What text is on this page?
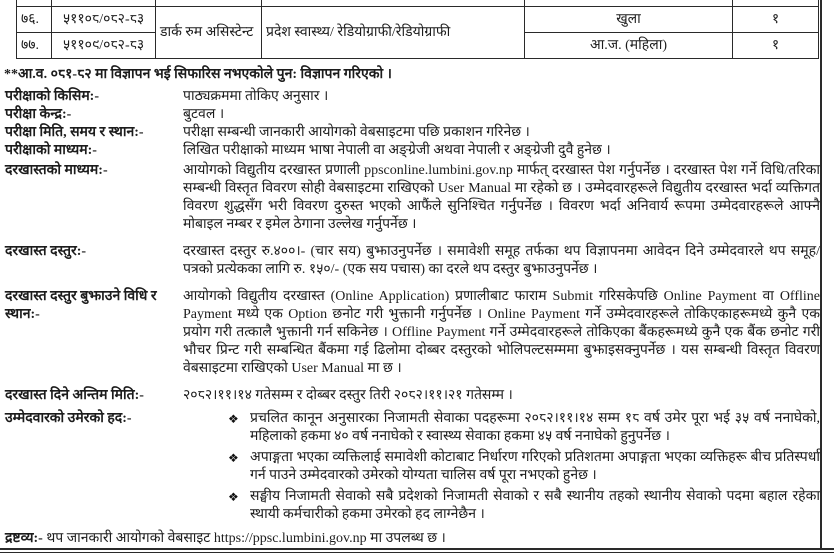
७६.	५११०८/०८२-८३	डार्क रुम असिस्टेन्ट	प्रदेश स्वास्थ्य/ रेडियोग्राफी/रेडियोग्राफी	खुला	१
७७.	५११०९/०८२-८३			आ.ज. (महिला)	१
**आ.व. ०८१-८२ मा विज्ञापन भई सिफारिस नभएकोले पुन: विज्ञापन गरिएको ।
परीक्षाको किसिम:-	पाठ्यक्रममा तोकिए अनुसार ।
परीक्षा केन्द्र:-	बुटवल ।
परीक्षा मिति, समय र स्थान:-	परीक्षा सम्बन्धी जानकारी आयोगको वेबसाइटमा पछि प्रकाशन गरिनेछ ।
परीक्षाको माध्यम:-	लिखित परीक्षाको माध्यम भाषा नेपाली वा अङ्ग्रेजी अथवा नेपाली र अङ्ग्रेजी दुवै हुनेछ ।
दरखास्तको माध्यम:-	आयोगको विद्युतीय दरखास्त प्रणाली ppsconline.lumbini.gov.np मार्फत् दरखास्त पेश गर्नुपर्नेछ । दरखास्त पेश गर्ने विधि/तरिका सम्बन्धी विस्तृत विवरण सोही वेबसाइटमा राखिएको User Manual मा रहेको छ । उम्मेदवारहरूले विद्युतीय दरखास्त भर्दा व्यक्तिगत विवरण शुद्धसँग भरी विवरण दुरुस्त भएको आफैंले सुनिश्चित गर्नुपर्नेछ । विवरण भर्दा अनिवार्य रूपमा उम्मेदवारहरूले आफ्नै मोबाइल नम्बर र इमेल ठेगाना उल्लेख गर्नुपर्नेछ ।
दरखास्त दस्तुर:-	दरखास्त दस्तुर रु.४००।- (चार सय) बुझाउनुपर्नेछ । समावेशी समूह तर्फका थप विज्ञापनमा आवेदन दिने उम्मेदवारले थप समूह/पत्रको प्रत्येकका लागि रु. १५०/- (एक सय पचास) का दरले थप दस्तुर बुझाउनुपर्नेछ ।
दरखास्त दस्तुर बुझाउने विधि र स्थान:-
आयोगको विद्युतीय दरखास्त (Online Application) प्रणालीबाट फाराम Submit गरिसकेपछि Online Payment वा Offline Payment मध्ये एक Option छनोट गरी भुक्तानी गर्नुपर्नेछ । Online Payment गर्ने उम्मेदवारहरूले तोकिएकाहरूमध्ये कुनै एक प्रयोग गरी तत्कालै भुक्तानी गर्न सकिनेछ । Offline Payment गर्ने उम्मेदवारहरूले तोकिएका बैंकहरूमध्ये कुनै एक बैंक छनोट गरी भौचर प्रिन्ट गरी सम्बन्धित बैंकमा गई ढिलोमा दोब्बर दस्तुरको भोलिपल्टसम्ममा बुझाइसक्नुपर्नेछ । यस सम्बन्धी विस्तृत विवरण वेबसाइटमा राखिएको User Manual मा छ ।
दरखास्त दिने अन्तिम मिति:-	२०८२।११।१४ गतेसम्म र दोब्बर दस्तुर तिरी २०८२।११।२१ गतेसम्म ।
उम्मेदवारको उमेरको हद:-	❖ प्रचलित कानून अनुसारका निजामती सेवाका पदहरूमा २०८२।११।१४ सम्म १८ वर्ष उमेर पूरा भई ३५ वर्ष ननाघेको, महिलाको हकमा ४० वर्ष ननाघेको र स्वास्थ्य सेवाका हकमा ४५ वर्ष ननाघेको हुनुपर्नेछ ।
❖ अपाङ्गता भएका व्यक्तिलाई समावेशी कोटाबाट निर्धारण गरिएको प्रतिशतमा अपाङ्गता भएका व्यक्तिहरू बीच प्रतिस्पर्धा गर्न पाउने उम्मेदवारको उमेरको योग्यता चालिस वर्ष पूरा नभएको हुनेछ ।
❖ सङ्घीय निजामती सेवाको सबै प्रदेशको निजामती सेवाको र सबै स्थानीय तहको स्थानीय सेवाको पदमा बहाल रहेका स्थायी कर्मचारीको हकमा उमेरको हद लाग्नेछैन ।
द्रष्टव्य:- थप जानकारी आयोगको वेबसाइट https://ppsc.lumbini.gov.np मा उपलब्ध छ ।
